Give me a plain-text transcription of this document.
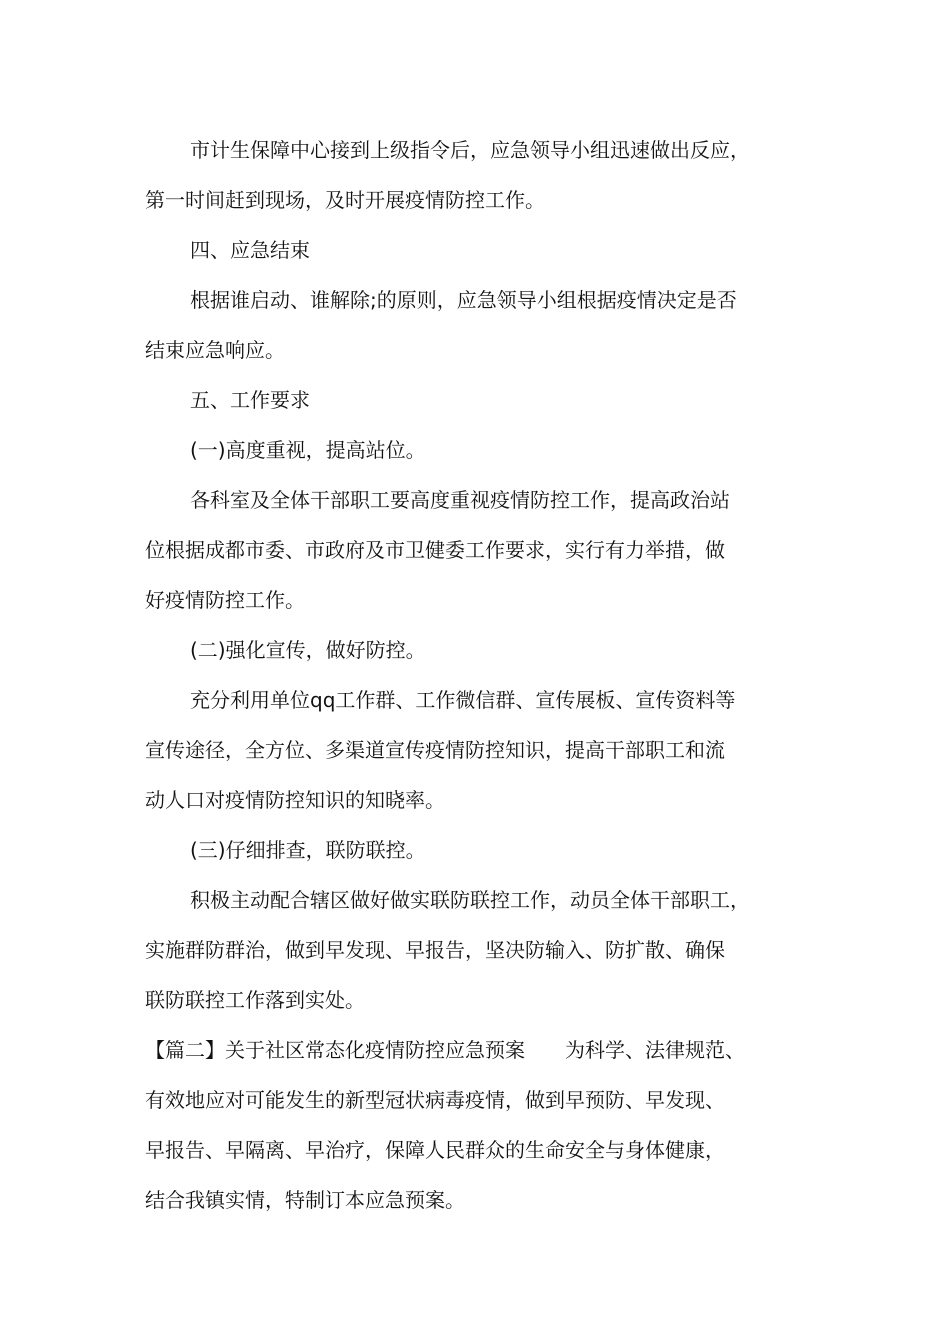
市计生保障中心接到上级指令后，应急领导小组迅速做出反应，
第一时间赶到现场，及时开展疫情防控工作。
四、应急结束
根据谁启动、谁解除;的原则，应急领导小组根据疫情决定是否
结束应急响应。
五、工作要求
(一)高度重视，提高站位。
各科室及全体干部职工要高度重视疫情防控工作，提高政治站
位根据成都市委、市政府及市卫健委工作要求，实行有力举措，做
好疫情防控工作。
(二)强化宣传，做好防控。
充分利用单位qq工作群、工作微信群、宣传展板、宣传资料等
宣传途径，全方位、多渠道宣传疫情防控知识，提高干部职工和流
动人口对疫情防控知识的知晓率。
(三)仔细排查，联防联控。
积极主动配合辖区做好做实联防联控工作，动员全体干部职工，
实施群防群治，做到早发现、早报告，坚决防输入、防扩散、确保
联防联控工作落到实处。
【篇二】关于社区常态化疫情防控应急预案　　为科学、法律规范、
有效地应对可能发生的新型冠状病毒疫情，做到早预防、早发现、
早报告、早隔离、早治疗，保障人民群众的生命安全与身体健康，
结合我镇实情，特制订本应急预案。
